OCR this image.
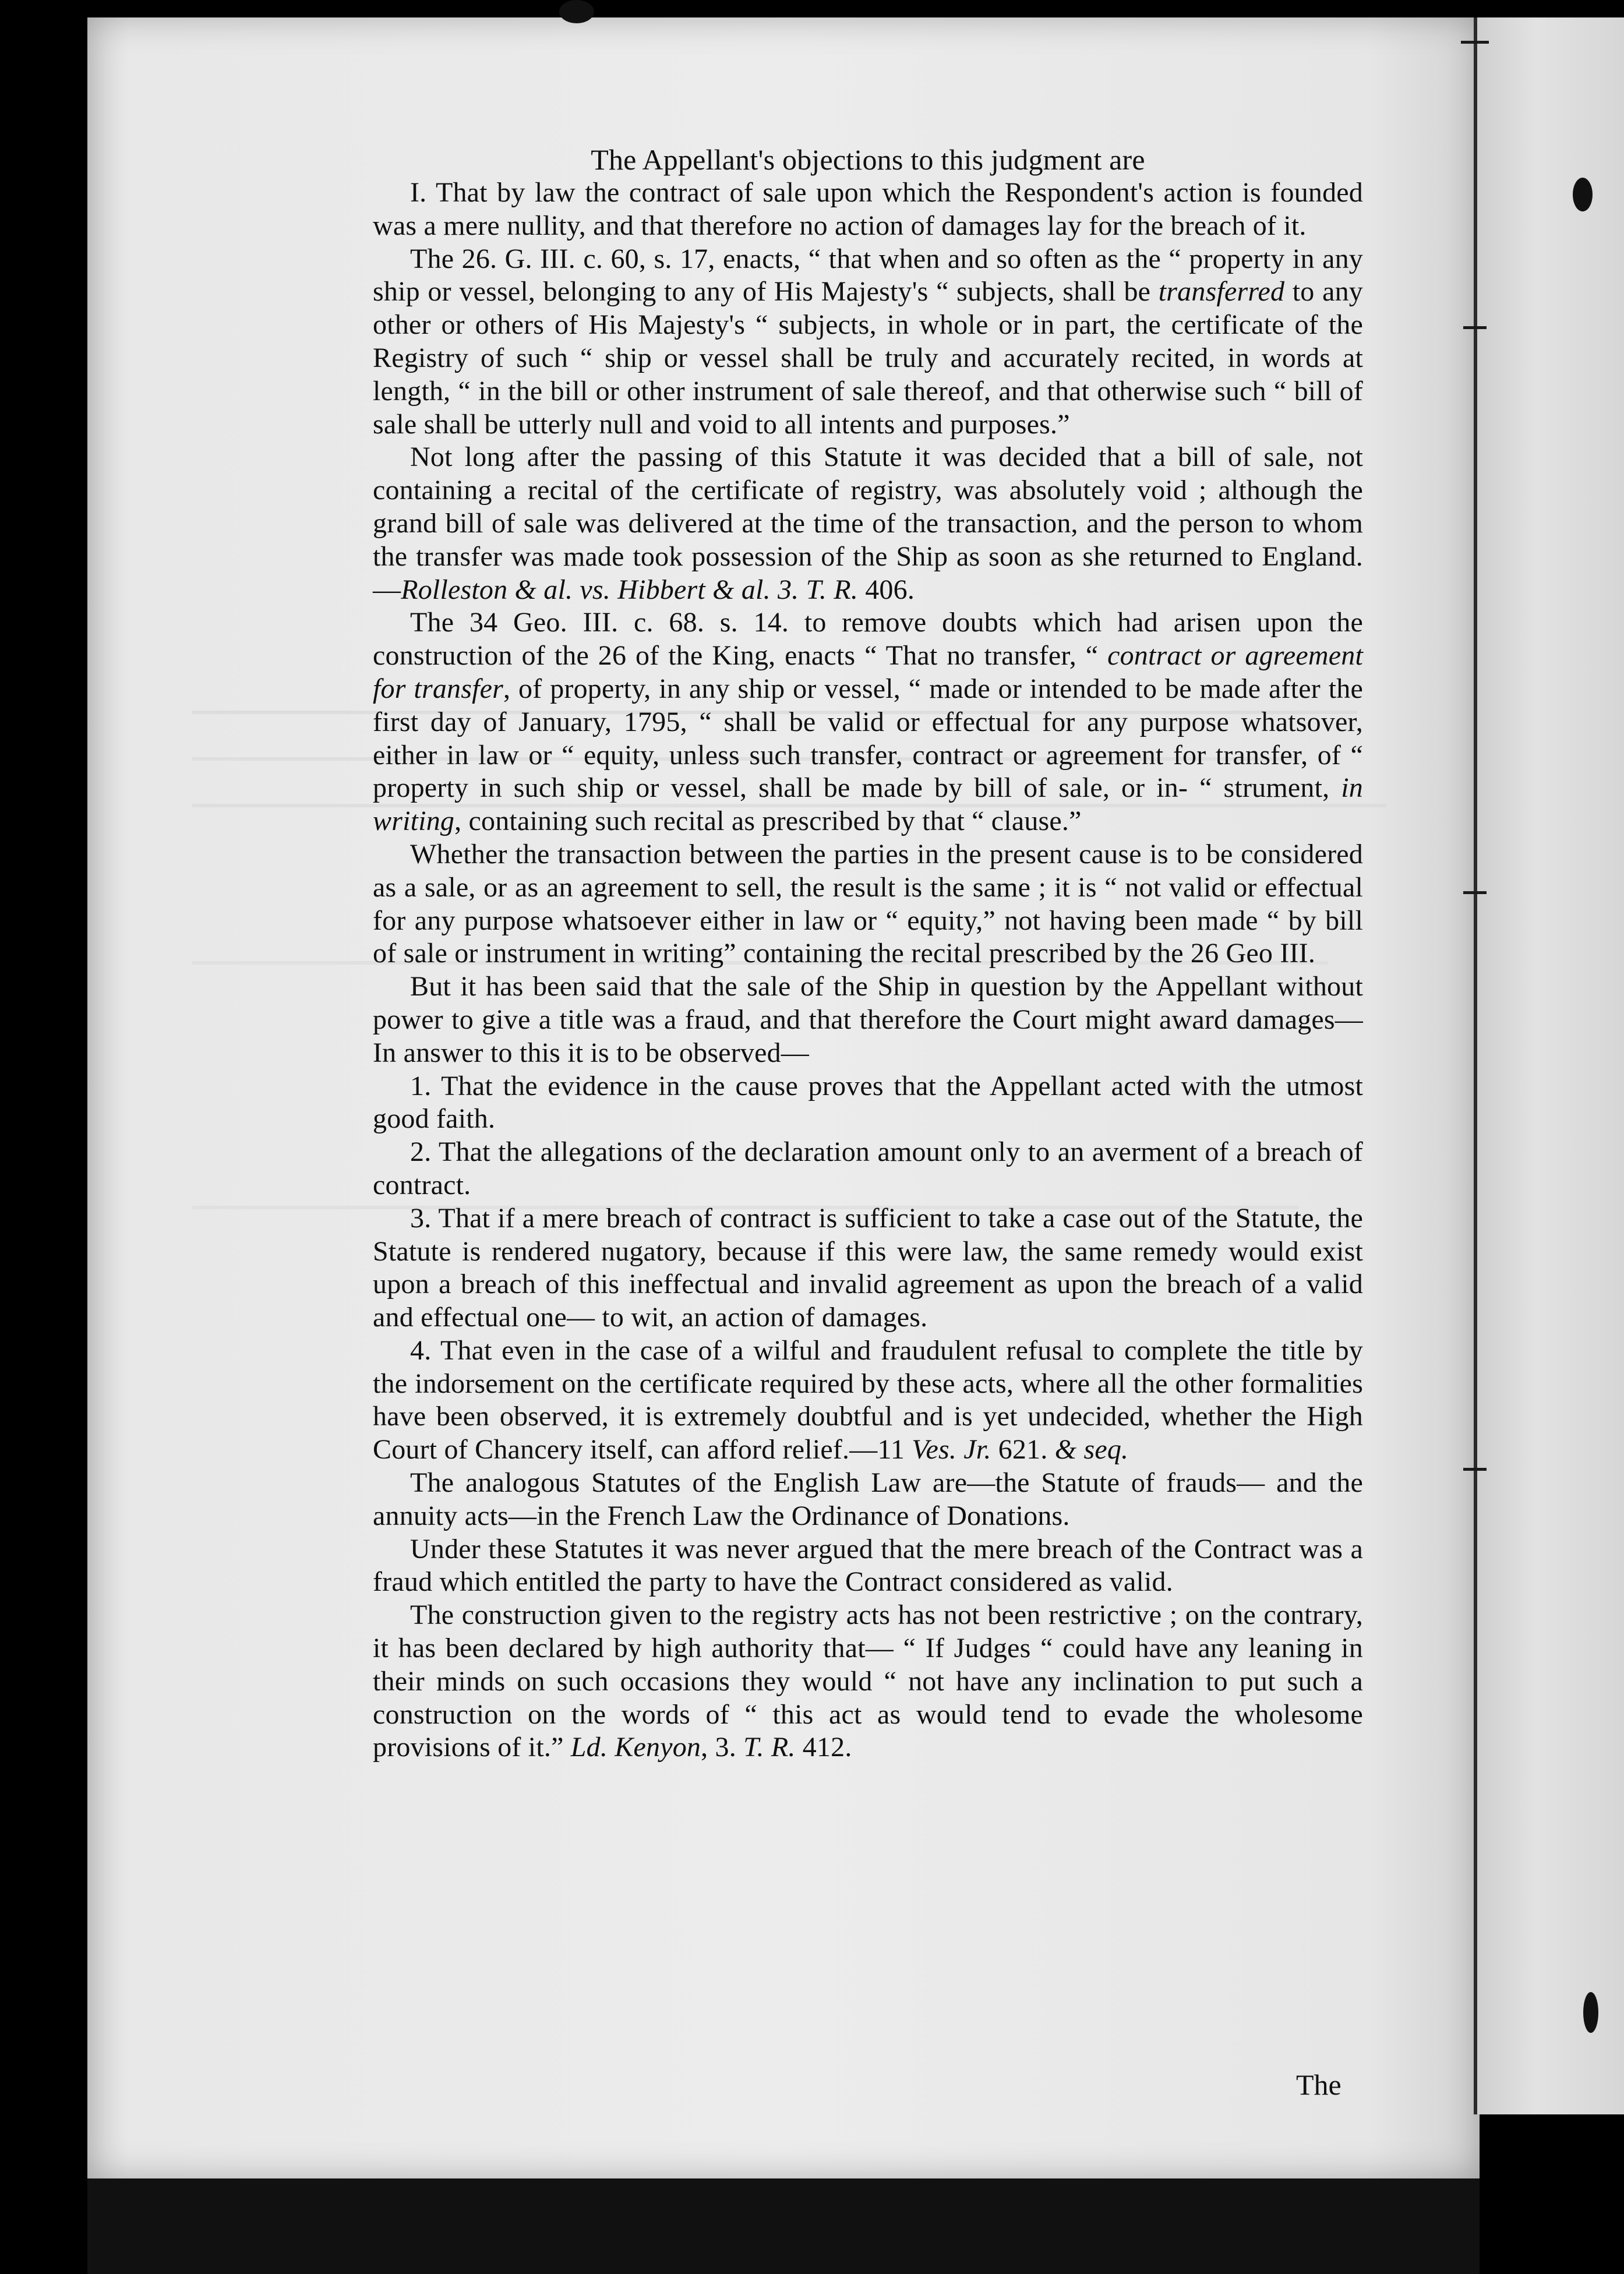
The Appellant's objections to this judgment are

I. That by law the contract of sale upon which the Respondent's action is founded was a mere nullity, and that therefore no action of damages lay for the breach of it.

The 26. G. III. c. 60, s. 17, enacts, “ that when and so often as the “ property in any ship or vessel, belonging to any of His Majesty's “ subjects, shall be transferred to any other or others of His Majesty's “ subjects, in whole or in part, the certificate of the Registry of such “ ship or vessel shall be truly and accurately recited, in words at length, “ in the bill or other instrument of sale thereof, and that otherwise such “ bill of sale shall be utterly null and void to all intents and purposes.”

Not long after the passing of this Statute it was decided that a bill of sale, not containing a recital of the certificate of registry, was absolutely void ; although the grand bill of sale was delivered at the time of the transaction, and the person to whom the transfer was made took possession of the Ship as soon as she returned to England.—Rolleston & al. vs. Hibbert & al. 3. T. R. 406.

The 34 Geo. III. c. 68. s. 14. to remove doubts which had arisen upon the construction of the 26 of the King, enacts “ That no transfer, “ contract or agreement for transfer, of property, in any ship or vessel, “ made or intended to be made after the first day of January, 1795, “ shall be valid or effectual for any purpose whatsover, either in law or “ equity, unless such transfer, contract or agreement for transfer, of “ property in such ship or vessel, shall be made by bill of sale, or in- “ strument, in writing, containing such recital as prescribed by that “ clause.”

Whether the transaction between the parties in the present cause is to be considered as a sale, or as an agreement to sell, the result is the same ; it is “ not valid or effectual for any purpose whatsoever either in law or “ equity,” not having been made “ by bill of sale or instrument in writing” containing the recital prescribed by the 26 Geo III.

But it has been said that the sale of the Ship in question by the Appellant without power to give a title was a fraud, and that therefore the Court might award damages—In answer to this it is to be observed—

1. That the evidence in the cause proves that the Appellant acted with the utmost good faith.

2. That the allegations of the declaration amount only to an averment of a breach of contract.

3. That if a mere breach of contract is sufficient to take a case out of the Statute, the Statute is rendered nugatory, because if this were law, the same remedy would exist upon a breach of this ineffectual and invalid agreement as upon the breach of a valid and effectual one— to wit, an action of damages.

4. That even in the case of a wilful and fraudulent refusal to complete the title by the indorsement on the certificate required by these acts, where all the other formalities have been observed, it is extremely doubtful and is yet undecided, whether the High Court of Chancery itself, can afford relief.—11 Ves. Jr. 621. & seq.

The analogous Statutes of the English Law are—the Statute of frauds— and the annuity acts—in the French Law the Ordinance of Donations.

Under these Statutes it was never argued that the mere breach of the Contract was a fraud which entitled the party to have the Contract considered as valid.

The construction given to the registry acts has not been restrictive ; on the contrary, it has been declared by high authority that— “ If Judges “ could have any leaning in their minds on such occasions they would “ not have any inclination to put such a construction on the words of “ this act as would tend to evade the wholesome provisions of it.” Ld. Kenyon, 3. T. R. 412.

The
